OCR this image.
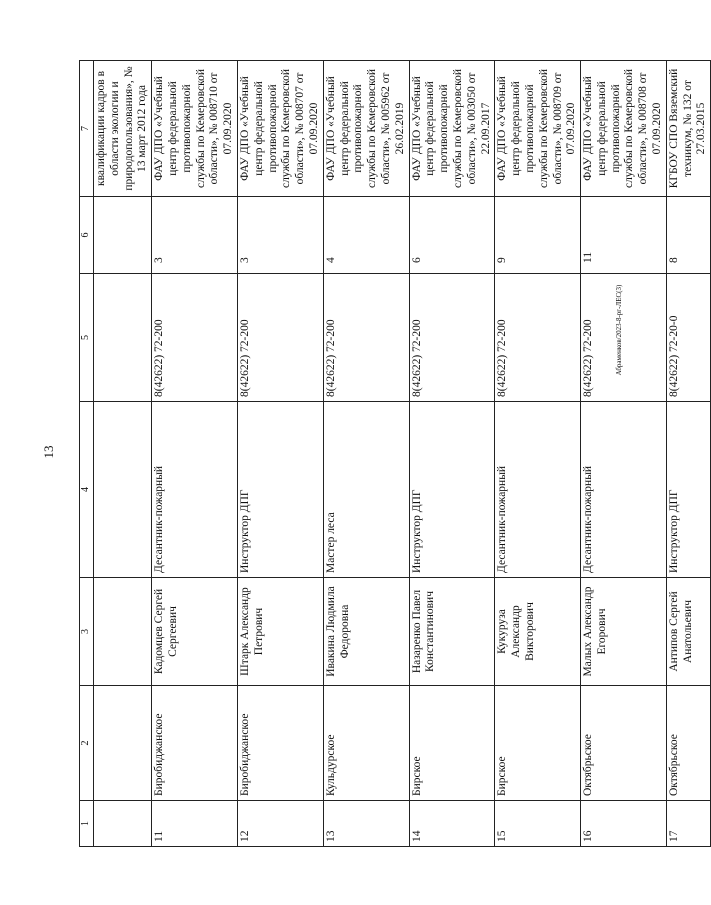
13
Абраменков/2023-8-рг-ЛЕС(3)
1	2	3	4	5	6	7
						квалификации кадров в области экологии и природопользования», № 13 март 2012 года
11	Биробиджанское	Кадомцев Сергей Сергеевич	Десантник-пожарный	8(42622) 72-200	3	ФАУ ДПО «Учебный центр федеральной противопожарной службы по Кемеровской области», № 008710 от 07.09.2020
12	Биробиджанское	Штарк Александр Петрович	Инструктор ДПГ	8(42622) 72-200	3	ФАУ ДПО «Учебный центр федеральной противопожарной службы по Кемеровской области», № 008707 от 07.09.2020
13	Кульдурское	Ивакина Людмила Федоровна	Мастер леса	8(42622) 72-200	4	ФАУ ДПО «Учебный центр федеральной противопожарной службы по Кемеровской области», № 005962 от 26.02.2019
14	Бирское	Назаренко Павел Константинович	Инструктор ДПГ	8(42622) 72-200	6	ФАУ ДПО «Учебный центр федеральной противопожарной службы по Кемеровской области», № 003050 от 22.09.2017
15	Бирское	Кукуруза Александр Викторович	Десантник-пожарный	8(42622) 72-200	9	ФАУ ДПО «Учебный центр федеральной противопожарной службы по Кемеровской области», № 008709 от 07.09.2020
16	Октябрьское	Малых Александр Егорович	Десантник-пожарный	8(42622) 72-200	11	ФАУ ДПО «Учебный центр федеральной противопожарной службы по Кемеровской области», № 008708 от 07.09.2020
17	Октябрьское	Антипов Сергей Анатольевич	Инструктор ДПГ	8(42622) 72-20-0	8	КГБОУ СПО Вяземский техникум, № 132 от 27.03.2015
